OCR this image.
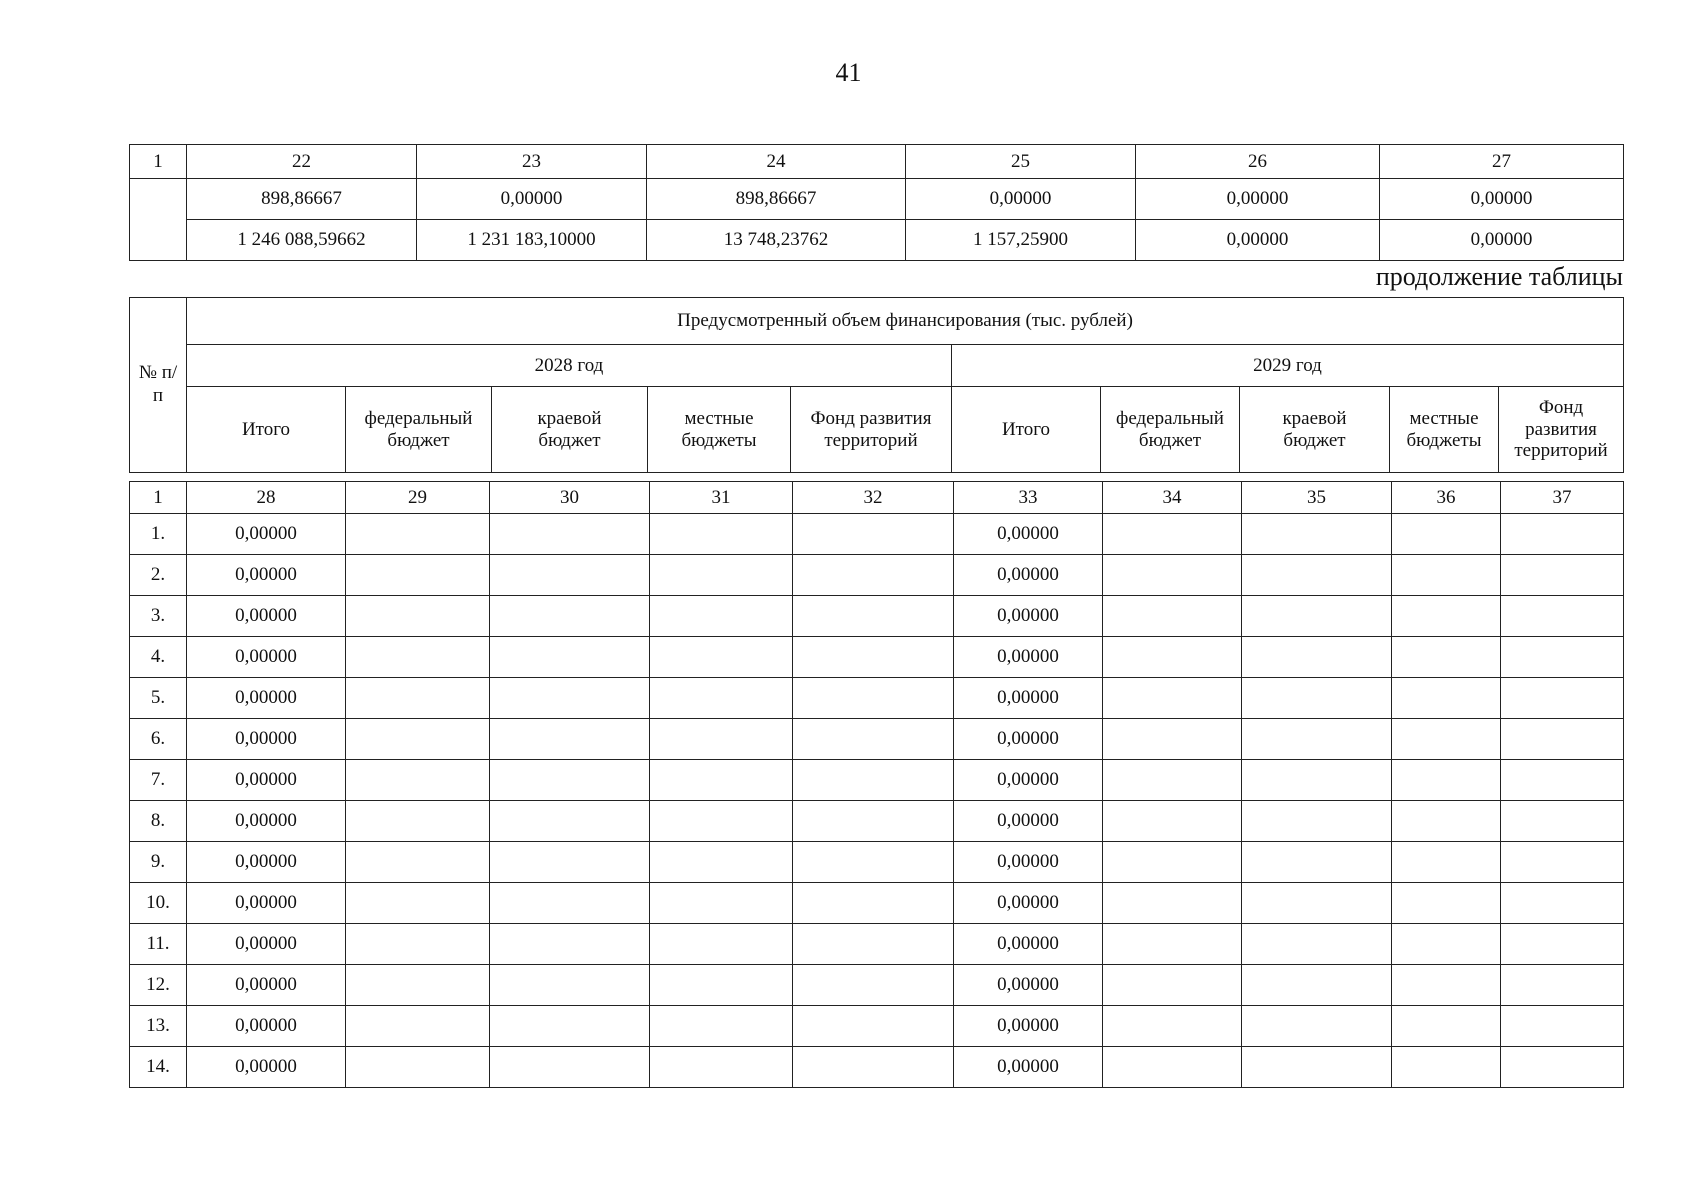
41
1	22	23	24	25	26	27
	898,86667	0,00000	898,86667	0,00000	0,00000	0,00000
	1 246 088,59662	1 231 183,10000	13 748,23762	1 157,25900	0,00000	0,00000
продолжение таблицы
№ п/п	Предусмотренный объем финансирования (тыс. рублей)									
	2028 год					2029 год				
	Итого	федеральный бюджет	краевой бюджет	местные бюджеты	Фонд развития территорий	Итого	федеральный бюджет	краевой бюджет	местные бюджеты	Фонд развития территорий
1	28	29	30	31	32	33	34	35	36	37
1.	0,00000					0,00000				
2.	0,00000					0,00000				
3.	0,00000					0,00000				
4.	0,00000					0,00000				
5.	0,00000					0,00000				
6.	0,00000					0,00000				
7.	0,00000					0,00000				
8.	0,00000					0,00000				
9.	0,00000					0,00000				
10.	0,00000					0,00000				
11.	0,00000					0,00000				
12.	0,00000					0,00000				
13.	0,00000					0,00000				
14.	0,00000					0,00000				
